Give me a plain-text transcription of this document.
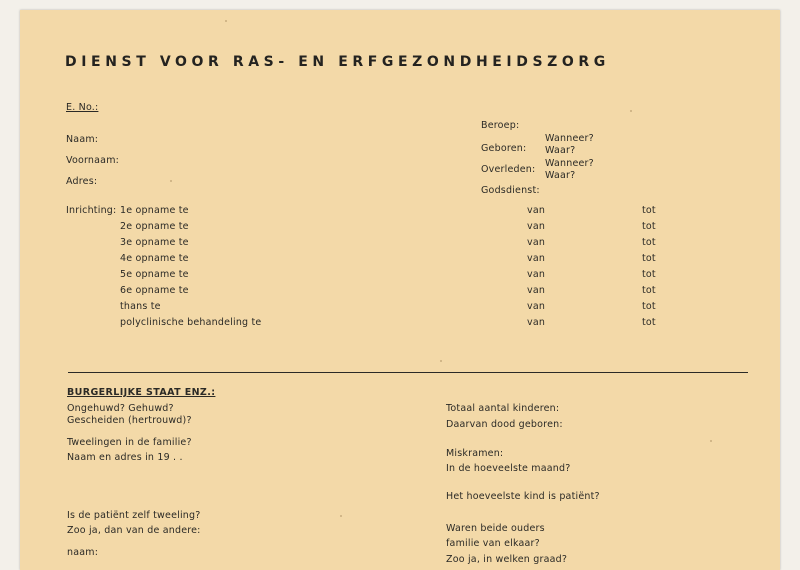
DIENST VOOR RAS- EN ERFGEZONDHEIDSZORG
E. No.:
Naam:
Voornaam:
Adres:
Beroep:
Geboren:
Wanneer?
Waar?
Overleden:
Wanneer?
Waar?
Godsdienst:
Inrichting: 1e opname te	van	tot
2e opname te	van	tot
3e opname te	van	tot
4e opname te	van	tot
5e opname te	van	tot
6e opname te	van	tot
thans te	van	tot
polyclinische behandeling te	van	tot
BURGERLIJKE STAAT ENZ.:
Ongehuwd? Gehuwd?
Gescheiden (hertrouwd)?
Tweelingen in de familie?
Naam en adres in 19 . .
Is de patiënt zelf tweeling?
Zoo ja, dan van de andere:
naam:
Totaal aantal kinderen:
Daarvan dood geboren:
Miskramen:
In de hoeveelste maand?
Het hoeveelste kind is patiënt?
Waren beide ouders
familie van elkaar?
Zoo ja, in welken graad?
